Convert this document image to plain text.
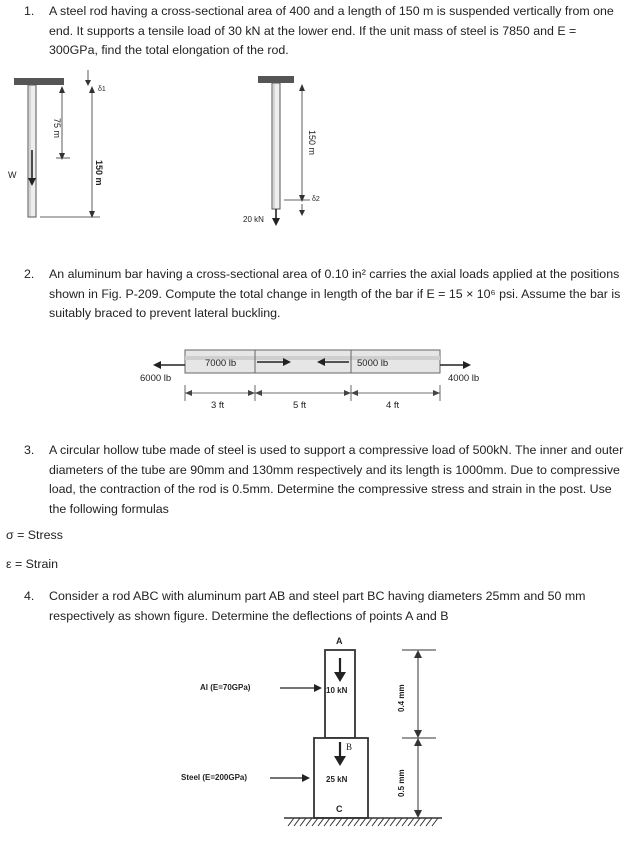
1. A steel rod having a cross-sectional area of 400 and a length of 150 m is suspended vertically from one end. It supports a tensile load of 30 kN at the lower end. If the unit mass of steel is 7850 and E = 300GPa, find the total elongation of the rod.
W
75 m
150 m
δ1
150 m
δ2
20 kN
2. An aluminum bar having a cross-sectional area of 0.10 in² carries the axial loads applied at the positions shown in Fig. P-209. Compute the total change in length of the bar if E = 15 × 10⁶ psi. Assume the bar is suitably braced to prevent lateral buckling.
6000 lb
7000 lb	5000 lb
4000 lb
3 ft	5 ft	4 ft
3. A circular hollow tube made of steel is used to support a compressive load of 500kN. The inner and outer diameters of the tube are 90mm and 130mm respectively and its length is 1000mm. Due to compressive load, the contraction of the rod is 0.5mm. Determine the compressive stress and strain in the post. Use the following formulas
σ = Stress
ε = Strain
4. Consider a rod ABC with aluminum part AB and steel part BC having diameters 25mm and 50 mm respectively as shown figure. Determine the deflections of points A and B
A
B
C
Al (E=70GPa)
Steel (E=200GPa)
10 kN
25 kN
0.4 mm
0.5 mm
